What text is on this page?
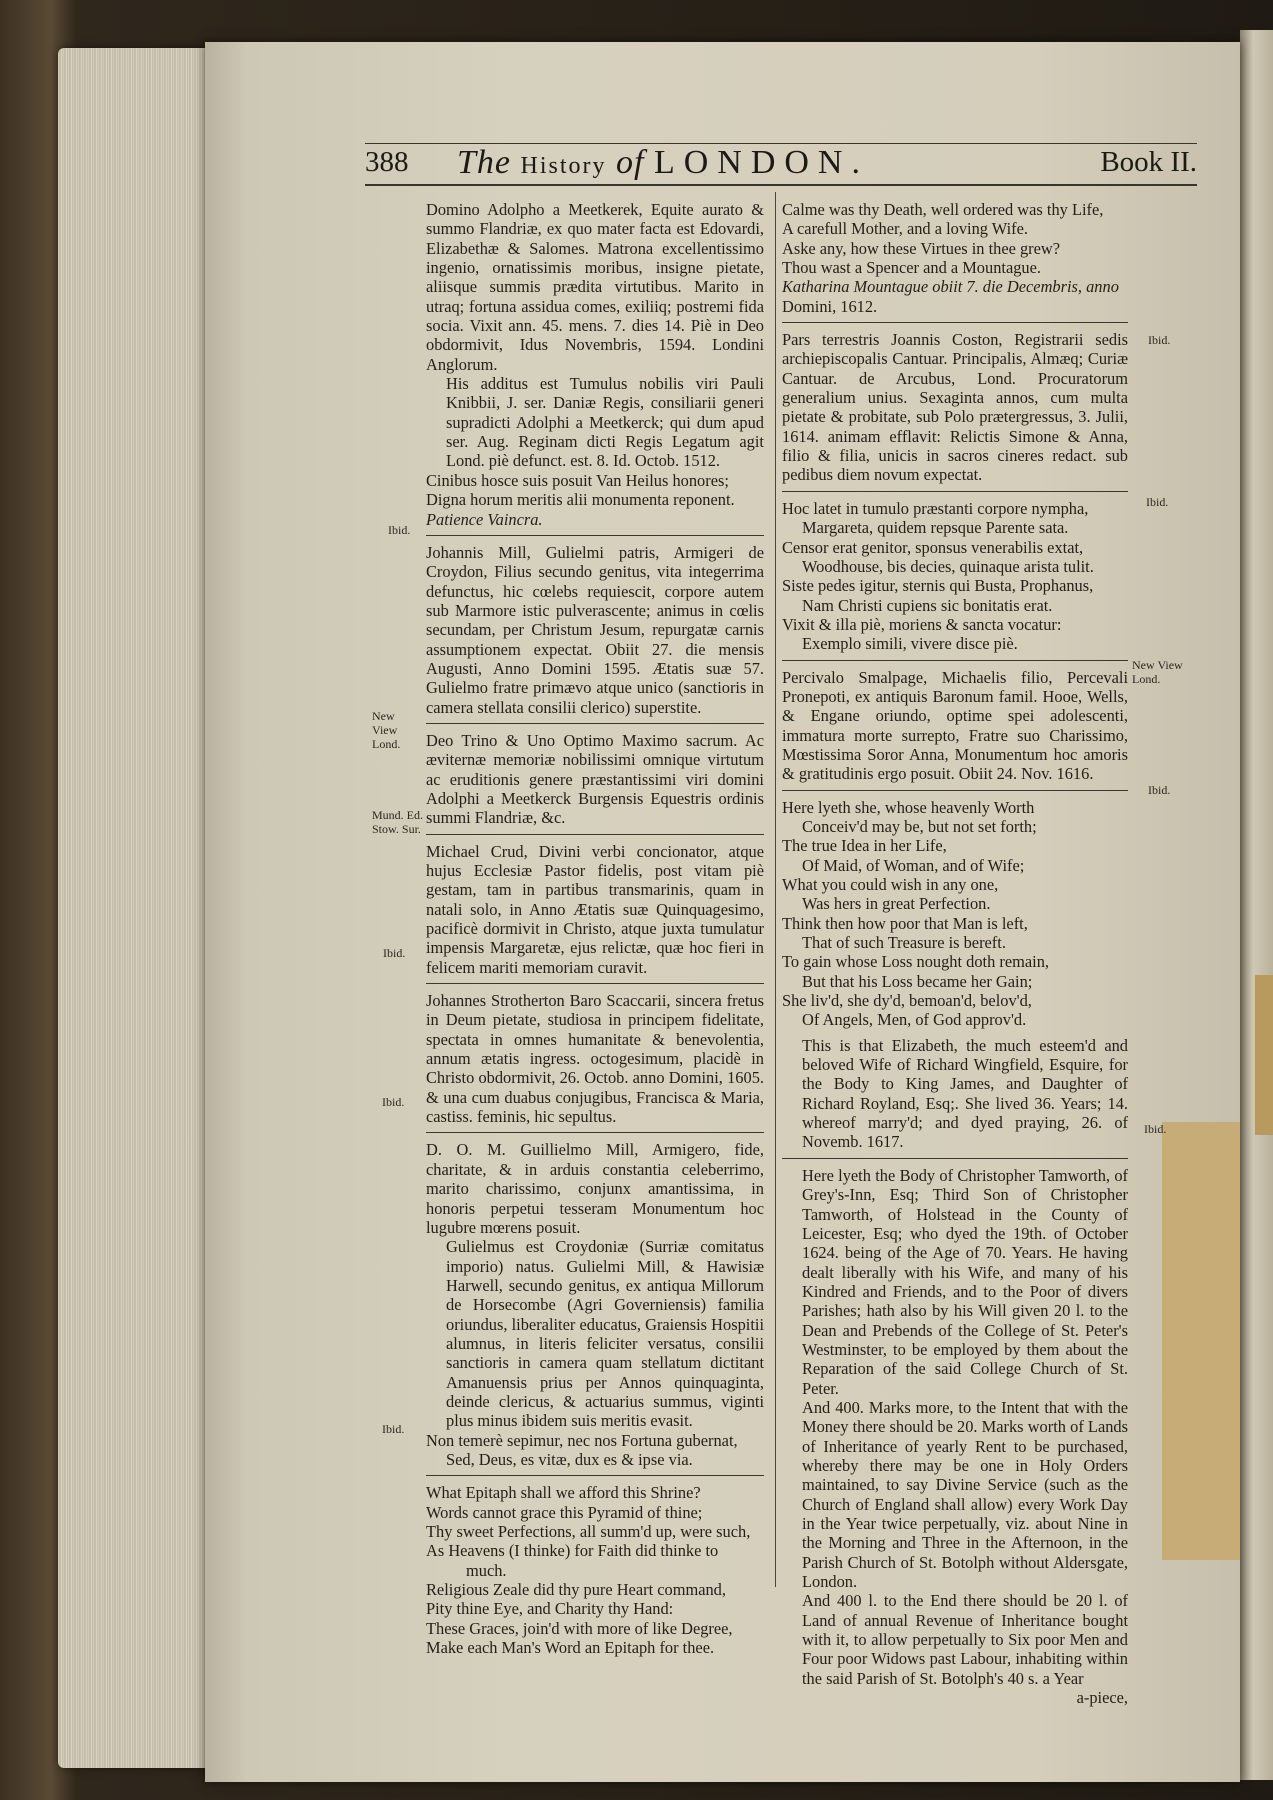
388 The History of LONDON.	Book II.

Domino Adolpho a Meetkerek, Equite aurato & summo Flandriæ, ex quo mater facta est Edovardi, Elizabethæ & Salomes. Matrona excellentissimo ingenio, ornatissimis moribus, insigne pietate, aliisque summis prædita virtutibus. Marito in utraq; fortuna assidua comes, exiliiq; postremi fida socia. Vixit ann. 45. mens. 7. dies 14. Piè in Deo obdormivit, Idus Novembris, 1594. Londini Anglorum.

His additus est Tumulus nobilis viri Pauli Knibbii, J. ser. Daniæ Regis, consiliarii generi supradicti Adolphi a Meetkerck; qui dum apud ser. Aug. Reginam dicti Regis Legatum agit Lond. piè defunct. est. 8. Id. Octob. 1512.

Cinibus hosce suis posuit Van Heilus honores;

Digna horum meritis alii monumenta reponent.

Patience Vaincra.

Johannis Mill, Gulielmi patris, Armigeri de Croydon, Filius secundo genitus, vita integerrima defunctus, hic cœlebs requiescit, corpore autem sub Marmore istic pulverascente; animus in cœlis secundam, per Christum Jesum, repurgatæ carnis assumptionem expectat. Obiit 27. die mensis Augusti, Anno Domini 1595. Ætatis suæ 57. Gulielmo fratre primævo atque unico (sanctioris in camera stellata consilii clerico) superstite.

Deo Trino & Uno Optimo Maximo sacrum. Ac æviternæ memoriæ nobilissimi omnique virtutum ac eruditionis genere præstantissimi viri domini Adolphi a Meetkerck Burgensis Equestris ordinis summi Flandriæ, &c.

Michael Crud, Divini verbi concionator, atque hujus Ecclesiæ Pastor fidelis, post vitam piè gestam, tam in partibus transmarinis, quam in natali solo, in Anno Ætatis suæ Quinquagesimo, pacificè dormivit in Christo, atque juxta tumulatur impensis Margaretæ, ejus relictæ, quæ hoc fieri in felicem mariti memoriam curavit.

Johannes Strotherton Baro Scaccarii, sincera fretus in Deum pietate, studiosa in principem fidelitate, spectata in omnes humanitate & benevolentia, annum ætatis ingress. octogesimum, placidè in Christo obdormivit, 26. Octob. anno Domini, 1605. & una cum duabus conjugibus, Francisca & Maria, castiss. feminis, hic sepultus.

D. O. M. Guillielmo Mill, Armigero, fide, charitate, & in arduis constantia celeberrimo, marito charissimo, conjunx amantissima, in honoris perpetui tesseram Monumentum hoc lugubre mœrens posuit.

Gulielmus est Croydoniæ (Surriæ comitatus imporio) natus. Gulielmi Mill, & Hawisiæ Harwell, secundo genitus, ex antiqua Millorum de Horsecombe (Agri Governiensis) familia oriundus, liberaliter educatus, Graiensis Hospitii alumnus, in literis feliciter versatus, consilii sanctioris in camera quam stellatum dictitant Amanuensis prius per Annos quinquaginta, deinde clericus, & actuarius summus, viginti plus minus ibidem suis meritis evasit.

Non temerè sepimur, nec nos Fortuna gubernat,

Sed, Deus, es vitæ, dux es & ipse via.

What Epitaph shall we afford this Shrine?

Words cannot grace this Pyramid of thine;

Thy sweet Perfections, all summ'd up, were such,

As Heavens (I thinke) for Faith did thinke to

much.

Religious Zeale did thy pure Heart command,

Pity thine Eye, and Charity thy Hand:

These Graces, join'd with more of like Degree,

Make each Man's Word an Epitaph for thee.

Calme was thy Death, well ordered was thy Life,

A carefull Mother, and a loving Wife.

Aske any, how these Virtues in thee grew?

Thou wast a Spencer and a Mountague.

Katharina Mountague obiit 7. die Decembris, anno

Domini, 1612.

Pars terrestris Joannis Coston, Registrarii sedis archiepiscopalis Cantuar. Principalis, Almæq; Curiæ Cantuar. de Arcubus, Lond. Procuratorum generalium unius. Sexaginta annos, cum multa pietate & probitate, sub Polo prætergressus, 3. Julii, 1614. animam efflavit: Relictis Simone & Anna, filio & filia, unicis in sacros cineres redact. sub pedibus diem novum expectat.

Hoc latet in tumulo præstanti corpore nympha,

Margareta, quidem repsque Parente sata.

Censor erat genitor, sponsus venerabilis extat,

Woodhouse, bis decies, quinaque arista tulit.

Siste pedes igitur, sternis qui Busta, Prophanus,

Nam Christi cupiens sic bonitatis erat.

Vixit & illa piè, moriens & sancta vocatur:

Exemplo simili, vivere disce piè.

Percivalo Smalpage, Michaelis filio, Percevali Pronepoti, ex antiquis Baronum famil. Hooe, Wells, & Engane oriundo, optime spei adolescenti, immatura morte surrepto, Fratre suo Charissimo, Mœstissima Soror Anna, Monumentum hoc amoris & gratitudinis ergo posuit. Obiit 24. Nov. 1616.

Here lyeth she, whose heavenly Worth

Conceiv'd may be, but not set forth;

The true Idea in her Life,

Of Maid, of Woman, and of Wife;

What you could wish in any one,

Was hers in great Perfection.

Think then how poor that Man is left,

That of such Treasure is bereft.

To gain whose Loss nought doth remain,

But that his Loss became her Gain;

She liv'd, she dy'd, bemoan'd, belov'd,

Of Angels, Men, of God approv'd.

This is that Elizabeth, the much esteem'd and beloved Wife of Richard Wingfield, Esquire, for the Body to King James, and Daughter of Richard Royland, Esq;. She lived 36. Years; 14. whereof marry'd; and dyed praying, 26. of Novemb. 1617.

Here lyeth the Body of Christopher Tamworth, of Grey's-Inn, Esq; Third Son of Christopher Tamworth, of Holstead in the County of Leicester, Esq; who dyed the 19th. of October 1624. being of the Age of 70. Years. He having dealt liberally with his Wife, and many of his Kindred and Friends, and to the Poor of divers Parishes; hath also by his Will given 20 l. to the Dean and Prebends of the College of St. Peter's Westminster, to be employed by them about the Reparation of the said College Church of St. Peter.

And 400. Marks more, to the Intent that with the Money there should be 20. Marks worth of Lands of Inheritance of yearly Rent to be purchased, whereby there may be one in Holy Orders maintained, to say Divine Service (such as the Church of England shall allow) every Work Day in the Year twice perpetually, viz. about Nine in the Morning and Three in the Afternoon, in the Parish Church of St. Botolph without Aldersgate, London.

And 400 l. to the End there should be 20 l. of Land of annual Revenue of Inheritance bought with it, to allow perpetually to Six poor Men and Four poor Widows past Labour, inhabiting within the said Parish of St. Botolph's 40 s. a Year

a-piece,

Ibid.
New View Lond.
Mund. Ed. Stow. Sur.
Ibid.
Ibid.
Ibid.
Ibid.
Ibid.
New View Lond.
Ibid.
Ibid.
